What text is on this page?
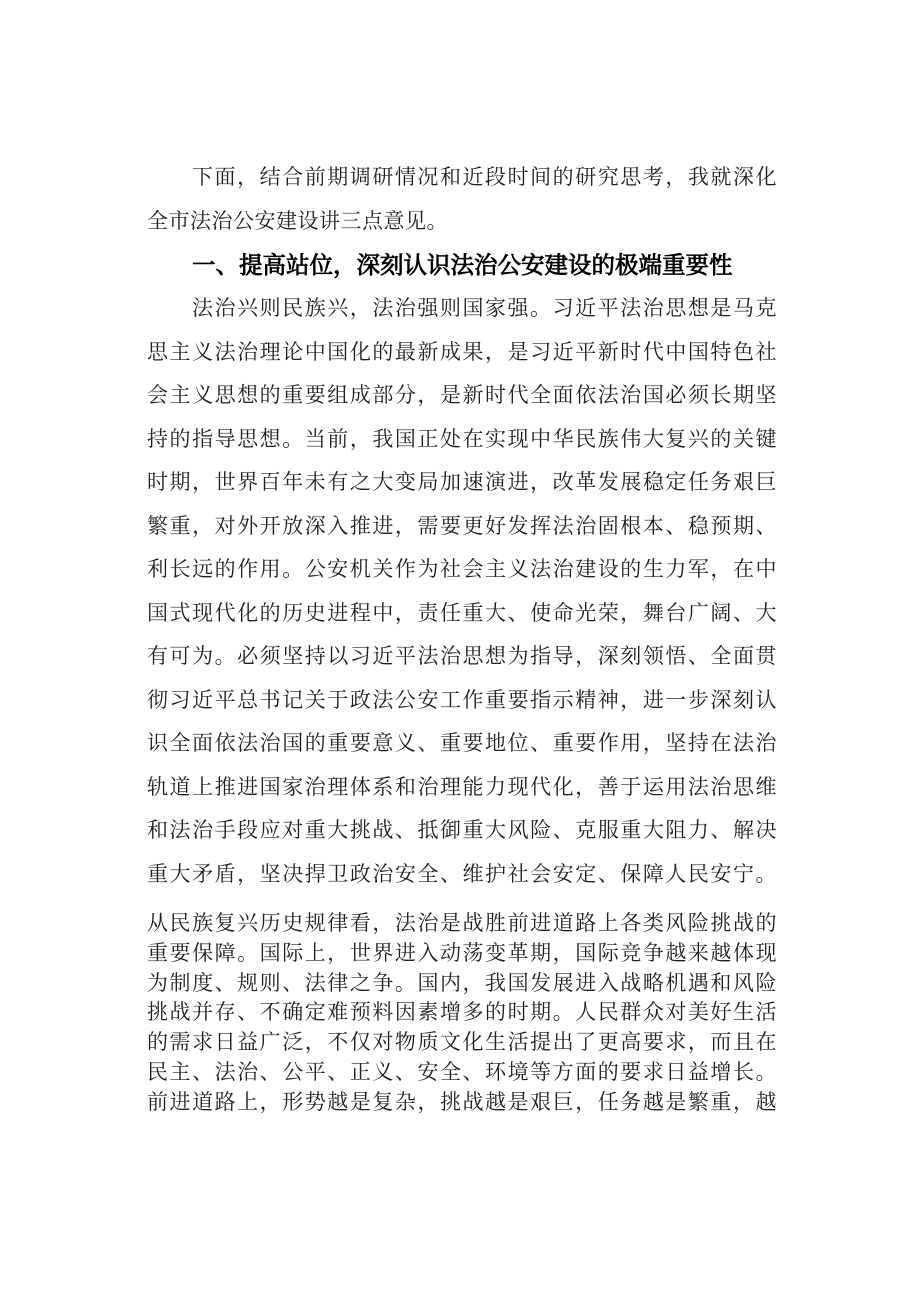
下面，结合前期调研情况和近段时间的研究思考，我就深化
全市法治公安建设讲三点意见。
一、提高站位，深刻认识法治公安建设的极端重要性
法治兴则民族兴，法治强则国家强。习近平法治思想是马克
思主义法治理论中国化的最新成果，是习近平新时代中国特色社
会主义思想的重要组成部分，是新时代全面依法治国必须长期坚
持的指导思想。当前，我国正处在实现中华民族伟大复兴的关键
时期，世界百年未有之大变局加速演进，改革发展稳定任务艰巨
繁重，对外开放深入推进，需要更好发挥法治固根本、稳预期、
利长远的作用。公安机关作为社会主义法治建设的生力军，在中
国式现代化的历史进程中，责任重大、使命光荣，舞台广阔、大
有可为。必须坚持以习近平法治思想为指导，深刻领悟、全面贯
彻习近平总书记关于政法公安工作重要指示精神，进一步深刻认
识全面依法治国的重要意义、重要地位、重要作用，坚持在法治
轨道上推进国家治理体系和治理能力现代化，善于运用法治思维
和法治手段应对重大挑战、抵御重大风险、克服重大阻力、解决
重大矛盾，坚决捍卫政治安全、维护社会安定、保障人民安宁。
从民族复兴历史规律看，法治是战胜前进道路上各类风险挑战的
重要保障。国际上，世界进入动荡变革期，国际竞争越来越体现
为制度、规则、法律之争。国内，我国发展进入战略机遇和风险
挑战并存、不确定难预料因素增多的时期。人民群众对美好生活
的需求日益广泛，不仅对物质文化生活提出了更高要求，而且在
民主、法治、公平、正义、安全、环境等方面的要求日益增长。
前进道路上，形势越是复杂，挑战越是艰巨，任务越是繁重，越
